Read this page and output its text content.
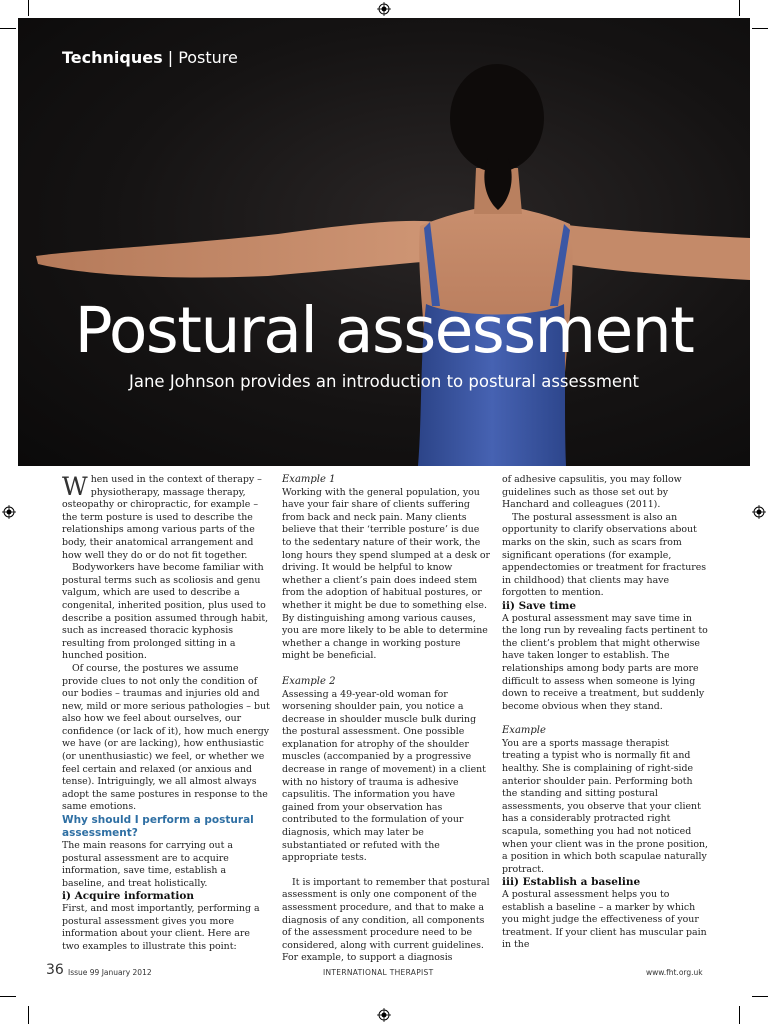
Techniques | Posture
Postural assessment

Jane Johnson provides an introduction to postural assessment

When used in the context of therapy – physiotherapy, massage therapy, osteopathy or chiropractic, for example – the term posture is used to describe the relationships among various parts of the body, their anatomical arrangement and how well they do or do not fit together.

Bodyworkers have become familiar with postural terms such as scoliosis and genu valgum, which are used to describe a congenital, inherited position, plus used to describe a position assumed through habit, such as increased thoracic kyphosis resulting from prolonged sitting in a hunched position.

Of course, the postures we assume provide clues to not only the condition of our bodies – traumas and injuries old and new, mild or more serious pathologies – but also how we feel about ourselves, our confidence (or lack of it), how much energy we have (or are lacking), how enthusiastic (or unenthusiastic) we feel, or whether we feel certain and relaxed (or anxious and tense). Intriguingly, we all almost always adopt the same postures in response to the same emotions.

Why should I perform a postural assessment?

The main reasons for carrying out a postural assessment are to acquire information, save time, establish a baseline, and treat holistically.

i) Acquire information

First, and most importantly, performing a postural assessment gives you more information about your client. Here are two examples to illustrate this point:

Example 1

Working with the general population, you have your fair share of clients suffering from back and neck pain. Many clients believe that their ‘terrible posture’ is due to the sedentary nature of their work, the long hours they spend slumped at a desk or driving. It would be helpful to know whether a client’s pain does indeed stem from the adoption of habitual postures, or whether it might be due to something else. By distinguishing among various causes, you are more likely to be able to determine whether a change in working posture might be beneficial.

Example 2

Assessing a 49-year-old woman for worsening shoulder pain, you notice a decrease in shoulder muscle bulk during the postural assessment. One possible explanation for atrophy of the shoulder muscles (accompanied by a progressive decrease in range of movement) in a client with no history of trauma is adhesive capsulitis. The information you have gained from your observation has contributed to the formulation of your diagnosis, which may later be substantiated or refuted with the appropriate tests.

It is important to remember that postural assessment is only one component of the assessment procedure, and that to make a diagnosis of any condition, all components of the assessment procedure need to be considered, along with current guidelines. For example, to support a diagnosis

of adhesive capsulitis, you may follow guidelines such as those set out by Hanchard and colleagues (2011).

The postural assessment is also an opportunity to clarify observations about marks on the skin, such as scars from significant operations (for example, appendectomies or treatment for fractures in childhood) that clients may have forgotten to mention.

ii) Save time

A postural assessment may save time in the long run by revealing facts pertinent to the client’s problem that might otherwise have taken longer to establish. The relationships among body parts are more difficult to assess when someone is lying down to receive a treatment, but suddenly become obvious when they stand.

Example

You are a sports massage therapist treating a typist who is normally fit and healthy. She is complaining of right-side anterior shoulder pain. Performing both the standing and sitting postural assessments, you observe that your client has a considerably protracted right scapula, something you had not noticed when your client was in the prone position, a position in which both scapulae naturally protract.

iii) Establish a baseline

A postural assessment helps you to establish a baseline – a marker by which you might judge the effectiveness of your treatment. If your client has muscular pain in the

36 Issue 99 January 2012	INTERNATIONAL THERAPIST	www.fht.org.uk
